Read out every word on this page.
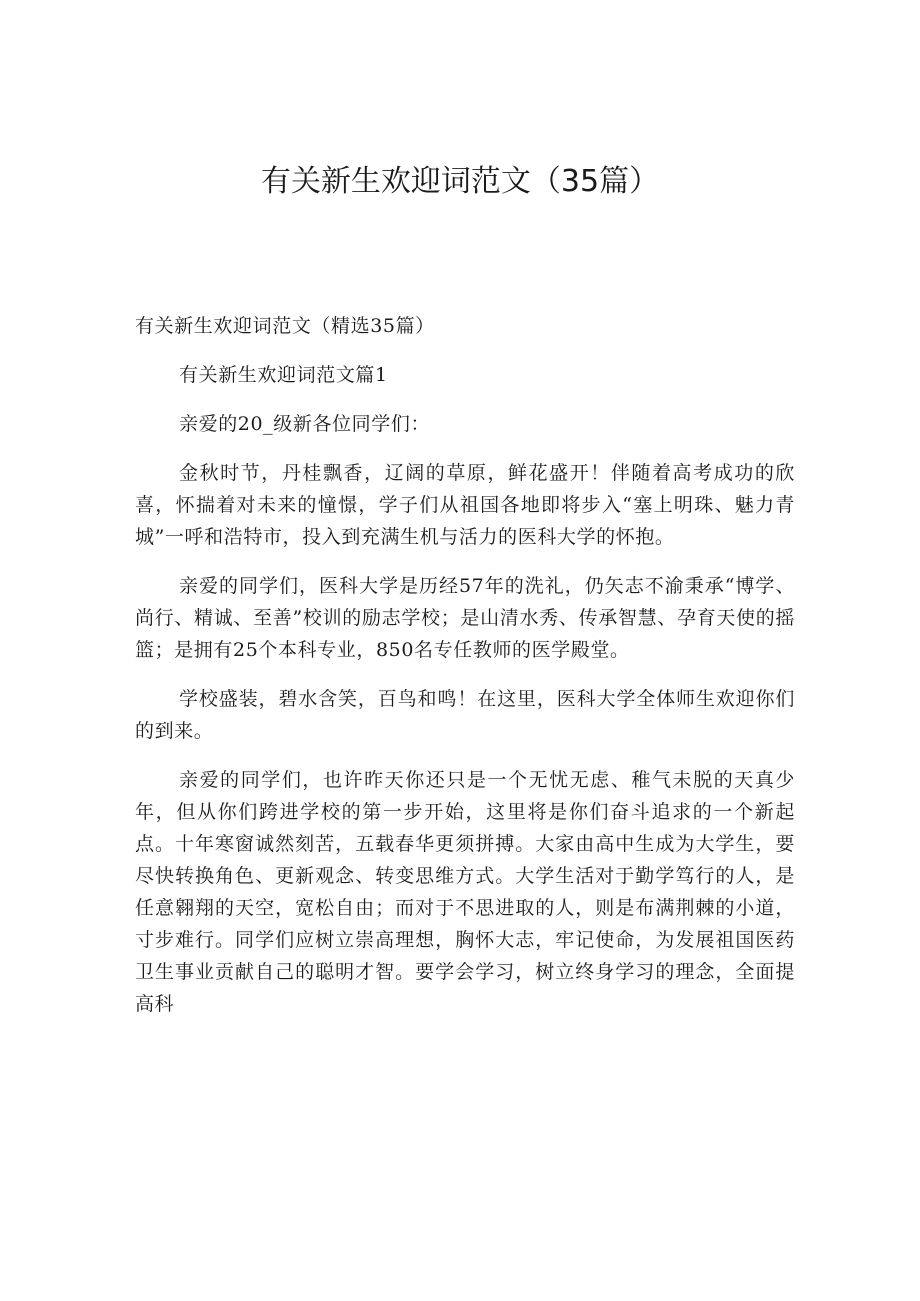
有关新生欢迎词范文（35篇）

有关新生欢迎词范文（精选35篇）

有关新生欢迎词范文篇1

亲爱的20_级新各位同学们：

金秋时节，丹桂飘香，辽阔的草原，鲜花盛开！伴随着高考成功的欣喜，怀揣着对未来的憧憬，学子们从祖国各地即将步入“塞上明珠、魅力青城”一呼和浩特市，投入到充满生机与活力的医科大学的怀抱。

亲爱的同学们，医科大学是历经57年的洗礼，仍矢志不渝秉承“博学、尚行、精诚、至善”校训的励志学校；是山清水秀、传承智慧、孕育天使的摇篮；是拥有25个本科专业，850名专任教师的医学殿堂。

学校盛装，碧水含笑，百鸟和鸣！在这里，医科大学全体师生欢迎你们的到来。

亲爱的同学们，也许昨天你还只是一个无忧无虑、稚气未脱的天真少年，但从你们跨进学校的第一步开始，这里将是你们奋斗追求的一个新起点。十年寒窗诚然刻苦，五载春华更须拼搏。大家由高中生成为大学生，要尽快转换角色、更新观念、转变思维方式。大学生活对于勤学笃行的人，是任意翱翔的天空，宽松自由；而对于不思进取的人，则是布满荆棘的小道，寸步难行。同学们应树立崇高理想，胸怀大志，牢记使命，为发展祖国医药卫生事业贡献自己的聪明才智。要学会学习，树立终身学习的理念，全面提高科
